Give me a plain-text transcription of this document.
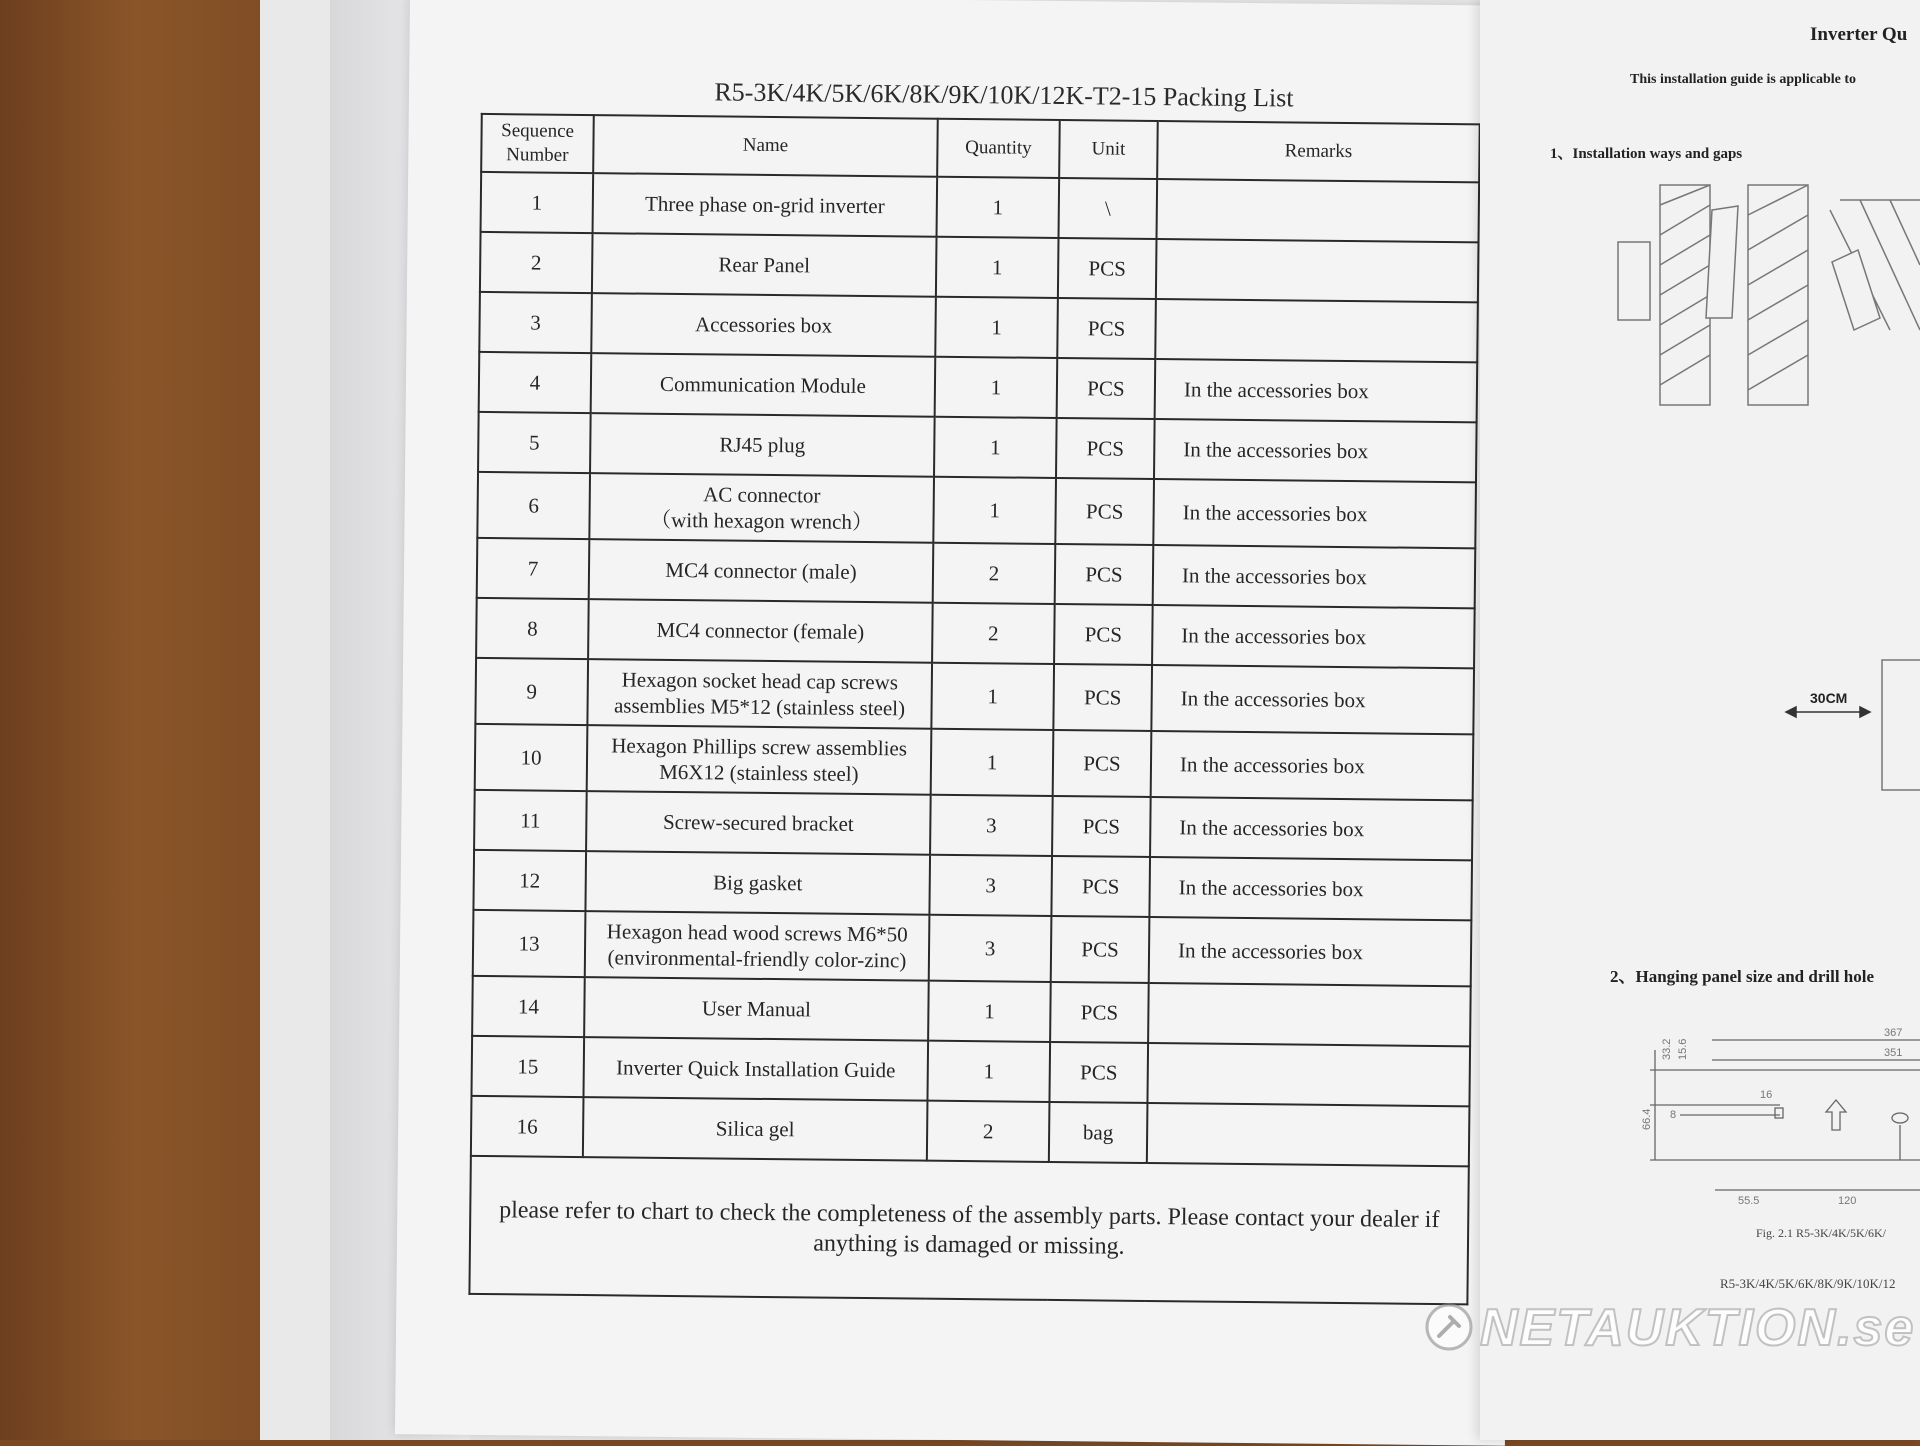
R5-3K/4K/5K/6K/8K/9K/10K/12K-T2-15 Packing List
Sequence
Number	Name	Quantity	Unit	Remarks
1	Three phase on-grid inverter	1	\	
2	Rear Panel	1	PCS	
3	Accessories box	1	PCS	
4	Communication Module	1	PCS	In the accessories box
5	RJ45 plug	1	PCS	In the accessories box
6	AC connector
（with hexagon wrench）	1	PCS	In the accessories box
7	MC4 connector (male)	2	PCS	In the accessories box
8	MC4 connector (female)	2	PCS	In the accessories box
9	Hexagon socket head cap screws
assemblies M5*12 (stainless steel)	1	PCS	In the accessories box
10	Hexagon Phillips screw assemblies
M6X12 (stainless steel)	1	PCS	In the accessories box
11	Screw-secured bracket	3	PCS	In the accessories box
12	Big gasket	3	PCS	In the accessories box
13	Hexagon head wood screws M6*50
(environmental-friendly color-zinc)	3	PCS	In the accessories box
14	User Manual	1	PCS	
15	Inverter Quick Installation Guide	1	PCS	
16	Silica gel	2	bag	
please refer to chart to check the completeness of the assembly parts. Please contact your dealer if anything is damaged or missing.				
Inverter Qu
This installation guide is applicable to
1、Installation ways and gaps
367
351
33.2 15.6
16
66.4 8
55.5	120
30CM
2、Hanging panel size and drill hole
Fig. 2.1 R5-3K/4K/5K/6K/
R5-3K/4K/5K/6K/8K/9K/10K/12
NETAUKTION.se
